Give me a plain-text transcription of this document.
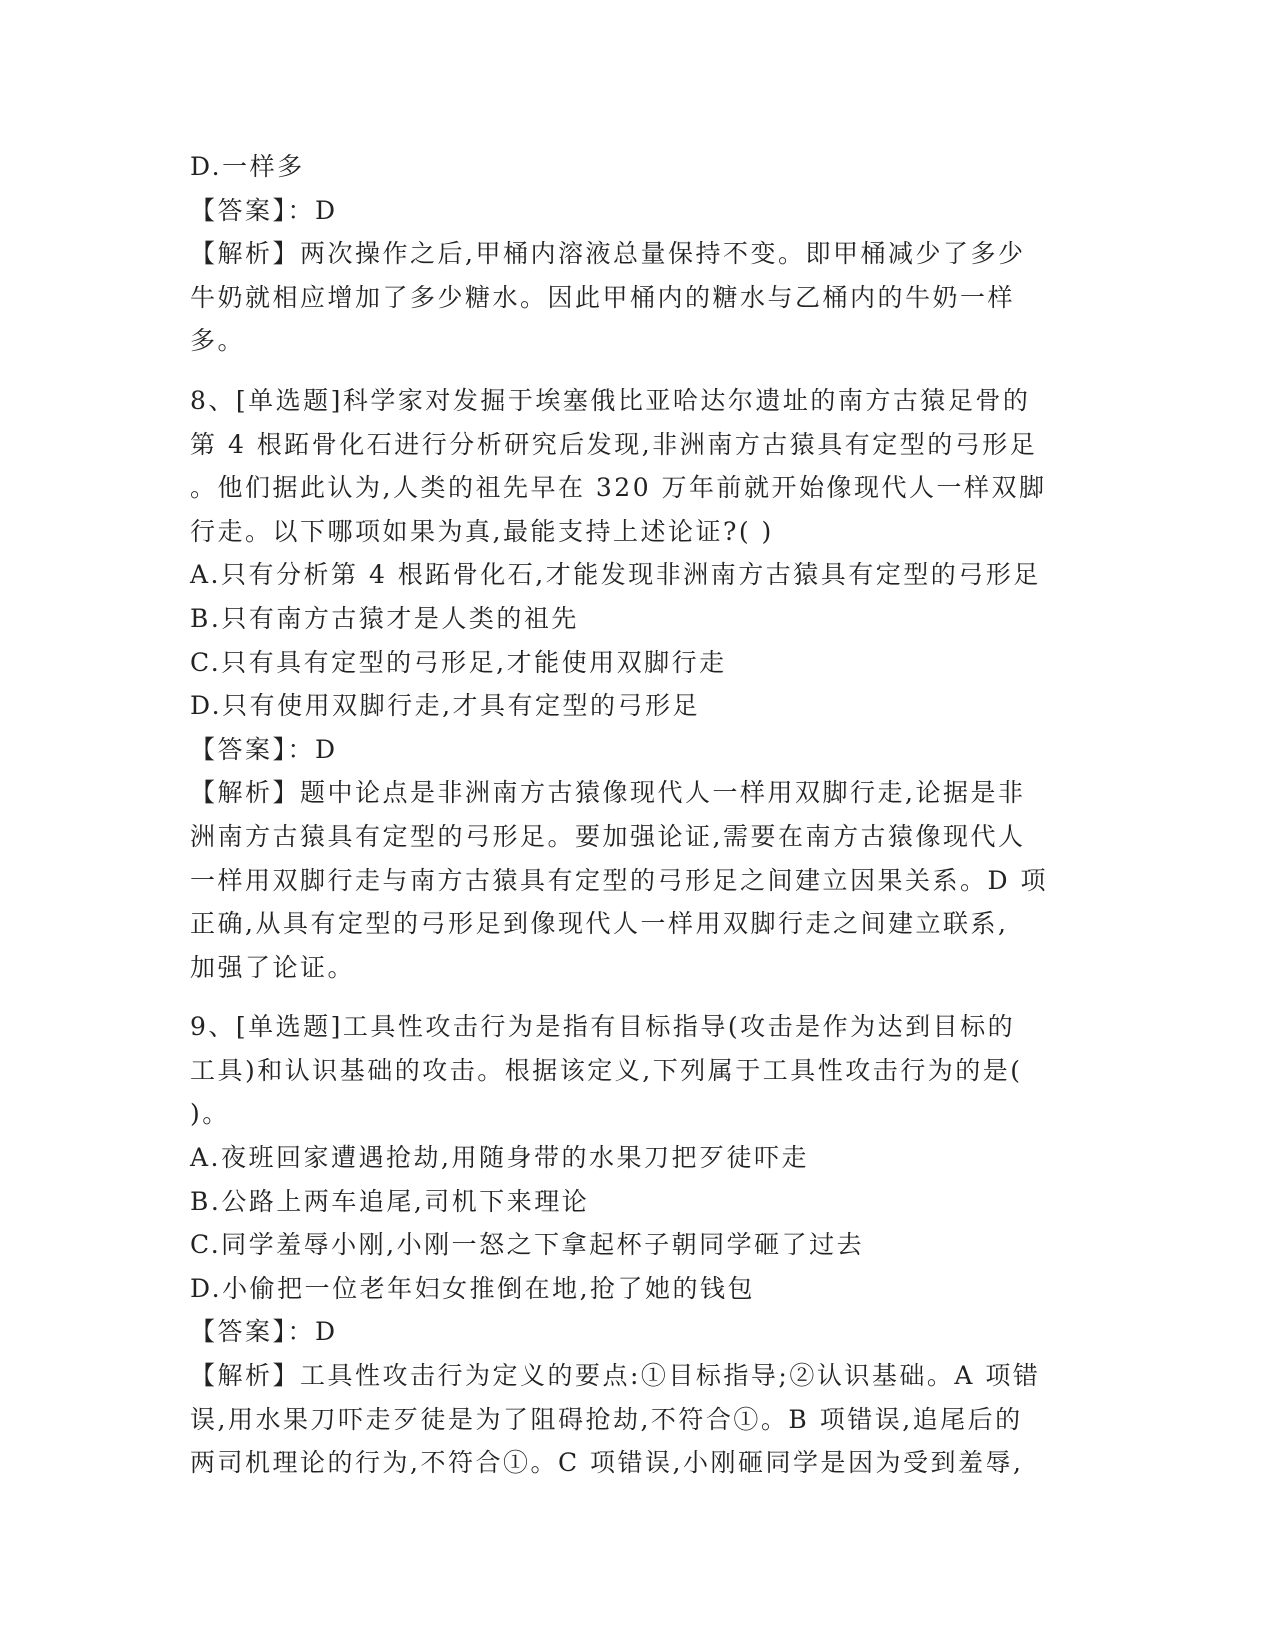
D.一样多
【答案】：D
【解析】两次操作之后,甲桶内溶液总量保持不变。即甲桶减少了多少
牛奶就相应增加了多少糖水。因此甲桶内的糖水与乙桶内的牛奶一样
多。
8、[单选题]科学家对发掘于埃塞俄比亚哈达尔遗址的南方古猿足骨的
第 4 根跖骨化石进行分析研究后发现,非洲南方古猿具有定型的弓形足
。他们据此认为,人类的祖先早在 320 万年前就开始像现代人一样双脚
行走。以下哪项如果为真,最能支持上述论证?( )
A.只有分析第 4 根跖骨化石,才能发现非洲南方古猿具有定型的弓形足
B.只有南方古猿才是人类的祖先
C.只有具有定型的弓形足,才能使用双脚行走
D.只有使用双脚行走,才具有定型的弓形足
【答案】：D
【解析】题中论点是非洲南方古猿像现代人一样用双脚行走,论据是非
洲南方古猿具有定型的弓形足。要加强论证,需要在南方古猿像现代人
一样用双脚行走与南方古猿具有定型的弓形足之间建立因果关系。D 项
正确,从具有定型的弓形足到像现代人一样用双脚行走之间建立联系,
加强了论证。
9、[单选题]工具性攻击行为是指有目标指导(攻击是作为达到目标的
工具)和认识基础的攻击。根据该定义,下列属于工具性攻击行为的是(
)。
A.夜班回家遭遇抢劫,用随身带的水果刀把歹徒吓走
B.公路上两车追尾,司机下来理论
C.同学羞辱小刚,小刚一怒之下拿起杯子朝同学砸了过去
D.小偷把一位老年妇女推倒在地,抢了她的钱包
【答案】：D
【解析】工具性攻击行为定义的要点:①目标指导;②认识基础。A 项错
误,用水果刀吓走歹徒是为了阻碍抢劫,不符合①。B 项错误,追尾后的
两司机理论的行为,不符合①。C 项错误,小刚砸同学是因为受到羞辱,
